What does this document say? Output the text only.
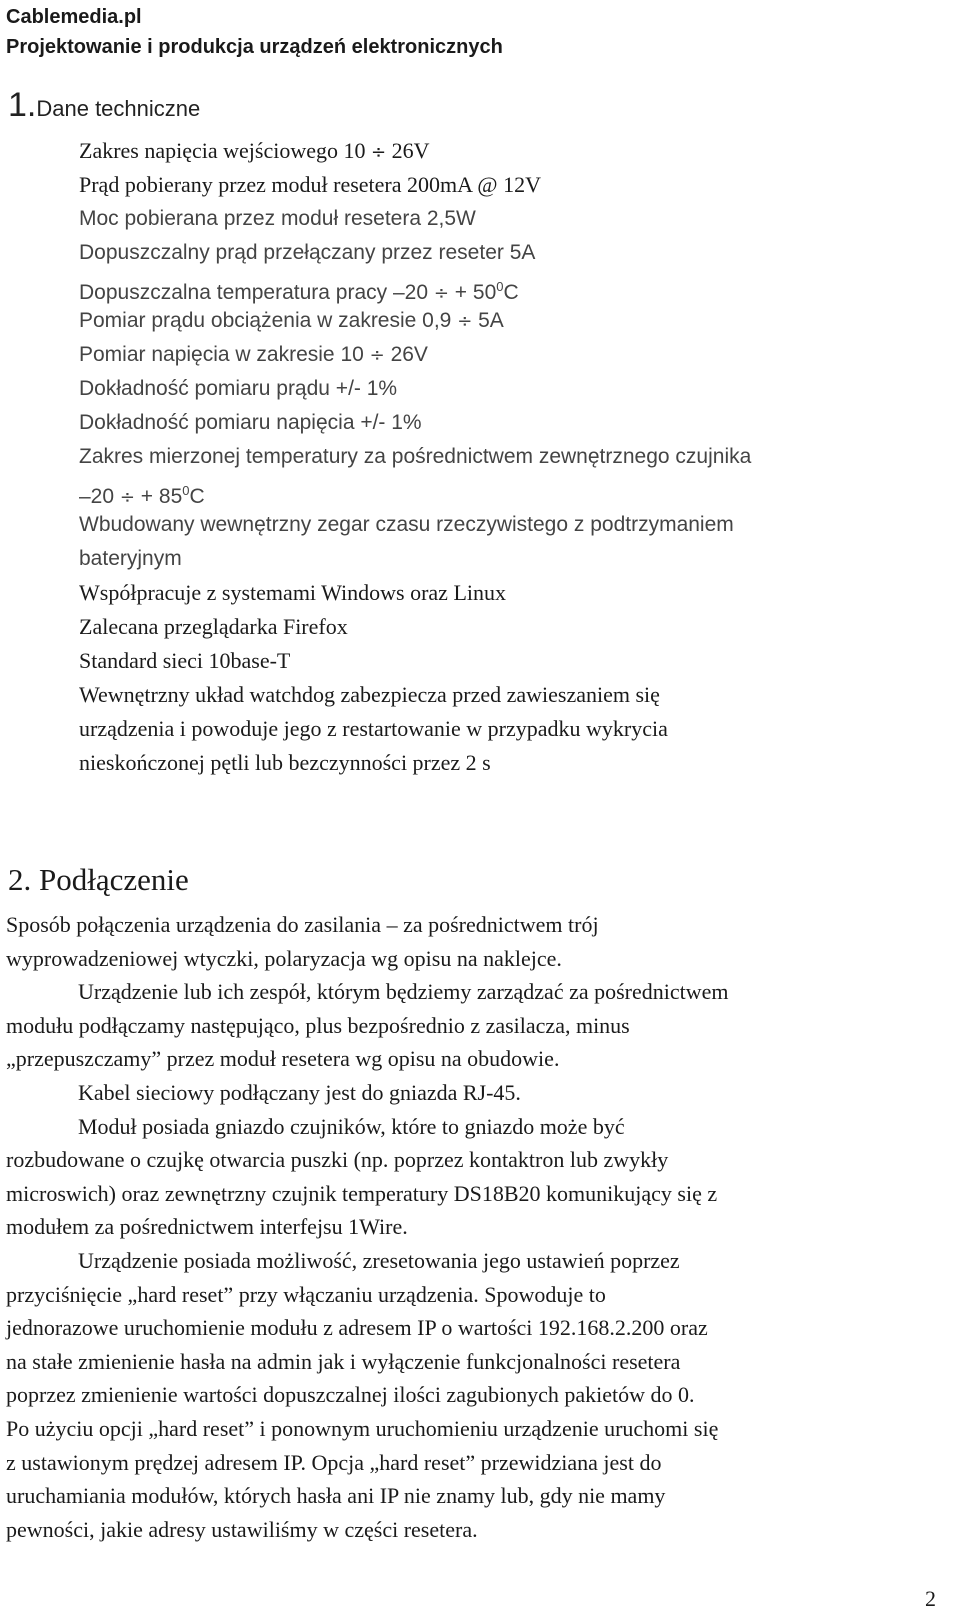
Cablemedia.pl
Projektowanie i produkcja urządzeń elektronicznych
1.Dane techniczne
Zakres napięcia wejściowego 10 ÷ 26V
Prąd pobierany przez moduł resetera 200mA @ 12V
Moc pobierana przez moduł resetera 2,5W
Dopuszczalny prąd przełączany przez reseter 5A
Dopuszczalna temperatura pracy –20 ÷ + $50^0C$
Pomiar prądu obciążenia w zakresie 0,9 ÷ 5A
Pomiar napięcia w zakresie 10 ÷ 26V
Dokładność pomiaru prądu +/- 1%
Dokładność pomiaru napięcia +/- 1%
Zakres mierzonej temperatury za pośrednictwem zewnętrznego czujnika
–20 ÷ + $85^0C$
Wbudowany wewnętrzny zegar czasu rzeczywistego z podtrzymaniem
bateryjnym
Współpracuje z systemami Windows oraz Linux
Zalecana przeglądarka Firefox
Standard sieci 10base-T
Wewnętrzny układ watchdog zabezpiecza przed zawieszaniem się
urządzenia i powoduje jego z restartowanie w przypadku wykrycia
nieskończonej pętli lub bezczynności przez 2 s
2. Podłączenie
Sposób połączenia urządzenia do zasilania – za pośrednictwem trój
wyprowadzeniowej wtyczki, polaryzacja wg opisu na naklejce.
Urządzenie lub ich zespół, którym będziemy zarządzać za pośrednictwem
modułu podłączamy następująco, plus bezpośrednio z zasilacza, minus
„przepuszczamy” przez moduł resetera wg opisu na obudowie.
Kabel sieciowy podłączany jest do gniazda RJ-45.
Moduł posiada gniazdo czujników, które to gniazdo może być
rozbudowane o czujkę otwarcia puszki (np. poprzez kontaktron lub zwykły
microswich) oraz zewnętrzny czujnik temperatury DS18B20 komunikujący się z
modułem za pośrednictwem interfejsu 1Wire.
Urządzenie posiada możliwość, zresetowania jego ustawień poprzez
przyciśnięcie „hard reset” przy włączaniu urządzenia. Spowoduje to
jednorazowe uruchomienie modułu z adresem IP o wartości 192.168.2.200 oraz
na stałe zmienienie hasła na admin jak i wyłączenie funkcjonalności resetera
poprzez zmienienie wartości dopuszczalnej ilości zagubionych pakietów do 0.
Po użyciu opcji „hard reset” i ponownym uruchomieniu urządzenie uruchomi się
z ustawionym prędzej adresem IP. Opcja „hard reset” przewidziana jest do
uruchamiania modułów, których hasła ani IP nie znamy lub, gdy nie mamy
pewności, jakie adresy ustawiliśmy w części resetera.
2
